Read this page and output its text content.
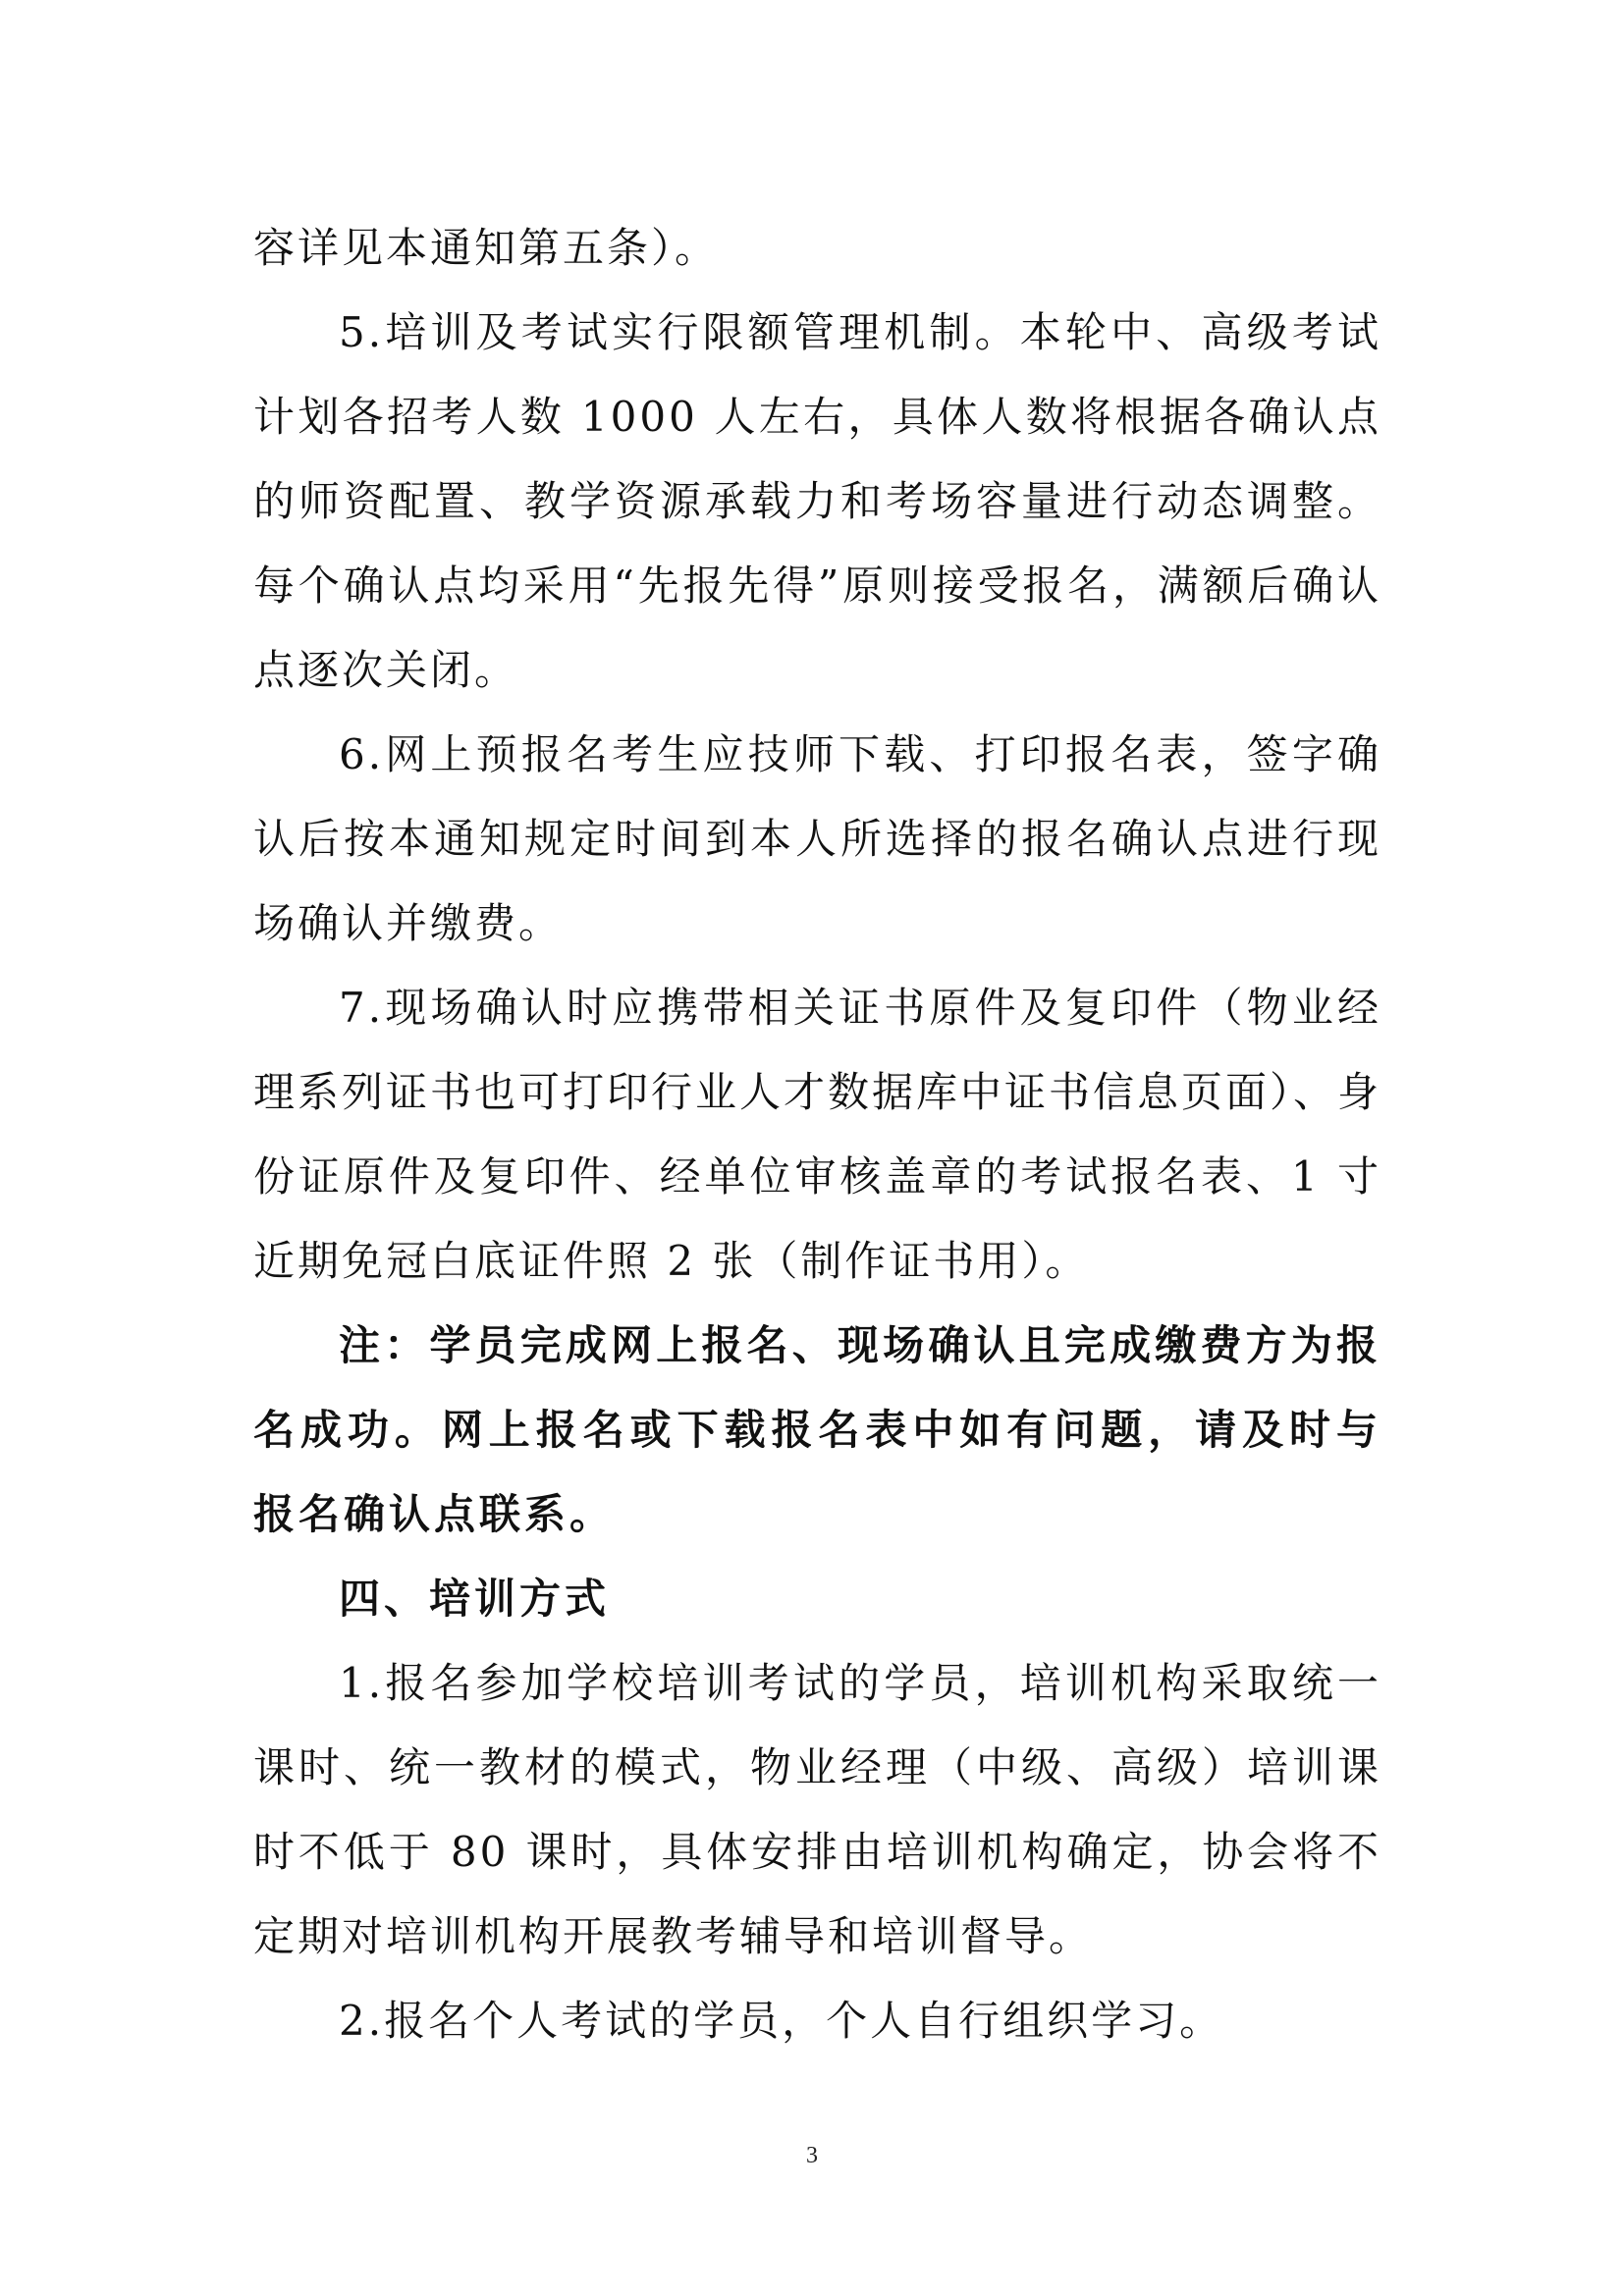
容详见本通知第五条）。

5.培训及考试实行限额管理机制。本轮中、高级考试计划各招考人数 1000 人左右，具体人数将根据各确认点的师资配置、教学资源承载力和考场容量进行动态调整。每个确认点均采用“先报先得”原则接受报名，满额后确认点逐次关闭。

6.网上预报名考生应技师下载、打印报名表，签字确认后按本通知规定时间到本人所选择的报名确认点进行现场确认并缴费。

7.现场确认时应携带相关证书原件及复印件（物业经理系列证书也可打印行业人才数据库中证书信息页面）、身份证原件及复印件、经单位审核盖章的考试报名表、1 寸近期免冠白底证件照 2 张（制作证书用）。

注：学员完成网上报名、现场确认且完成缴费方为报名成功。网上报名或下载报名表中如有问题，请及时与报名确认点联系。

四、培训方式

1.报名参加学校培训考试的学员，培训机构采取统一课时、统一教材的模式，物业经理（中级、高级）培训课时不低于 80 课时，具体安排由培训机构确定，协会将不定期对培训机构开展教考辅导和培训督导。

2.报名个人考试的学员，个人自行组织学习。

3
